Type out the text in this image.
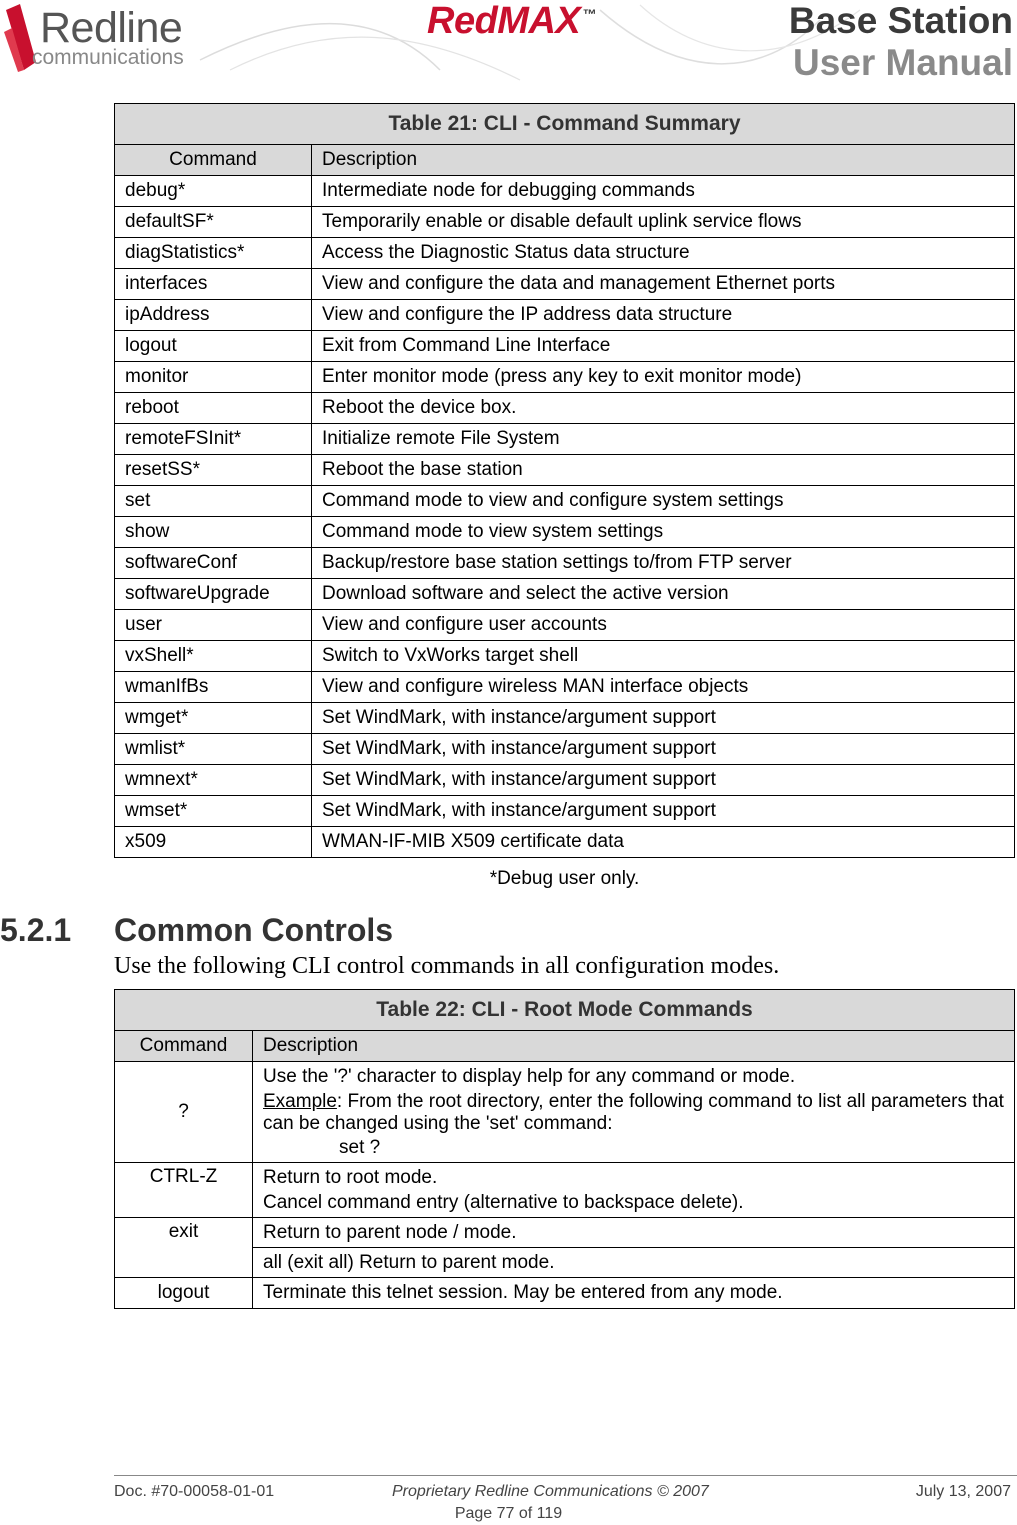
Redline
communications
RedMAX ™	Base Station
User Manual
Table 21: CLI - Command Summary	
Command	Description
debug*	Intermediate node for debugging commands
defaultSF*	Temporarily enable or disable default uplink service flows
diagStatistics*	Access the Diagnostic Status data structure
interfaces	View and configure the data and management Ethernet ports
ipAddress	View and configure the IP address data structure
logout	Exit from Command Line Interface
monitor	Enter monitor mode (press any key to exit monitor mode)
reboot	Reboot the device box.
remoteFSInit*	Initialize remote File System
resetSS*	Reboot the base station
set	Command mode to view and configure system settings
show	Command mode to view system settings
softwareConf	Backup/restore base station settings to/from FTP server
softwareUpgrade	Download software and select the active version
user	View and configure user accounts
vxShell*	Switch to VxWorks target shell
wmanIfBs	View and configure wireless MAN interface objects
wmget*	Set WindMark, with instance/argument support
wmlist*	Set WindMark, with instance/argument support
wmnext*	Set WindMark, with instance/argument support
wmset*	Set WindMark, with instance/argument support
x509	WMAN-IF-MIB X509 certificate data
*Debug user only.
5.2.1 Common Controls
Use the following CLI control commands in all configuration modes.
Table 22: CLI - Root Mode Commands	
Command	Description
?	Use the '?' character to display help for any command or mode.

Example: From the root directory, enter the following command to list all parameters that can be changed using the 'set' command:

set ?

CTRL-Z	Return to root mode.

Cancel command entry (alternative to backspace delete).

exit	Return to parent node / mode.
	all (exit all) Return to parent mode.
logout	Terminate this telnet session. May be entered from any mode.
Doc. #70-00058-01-01	Proprietary Redline Communications © 2007	July 13, 2007
Page 77 of 119
